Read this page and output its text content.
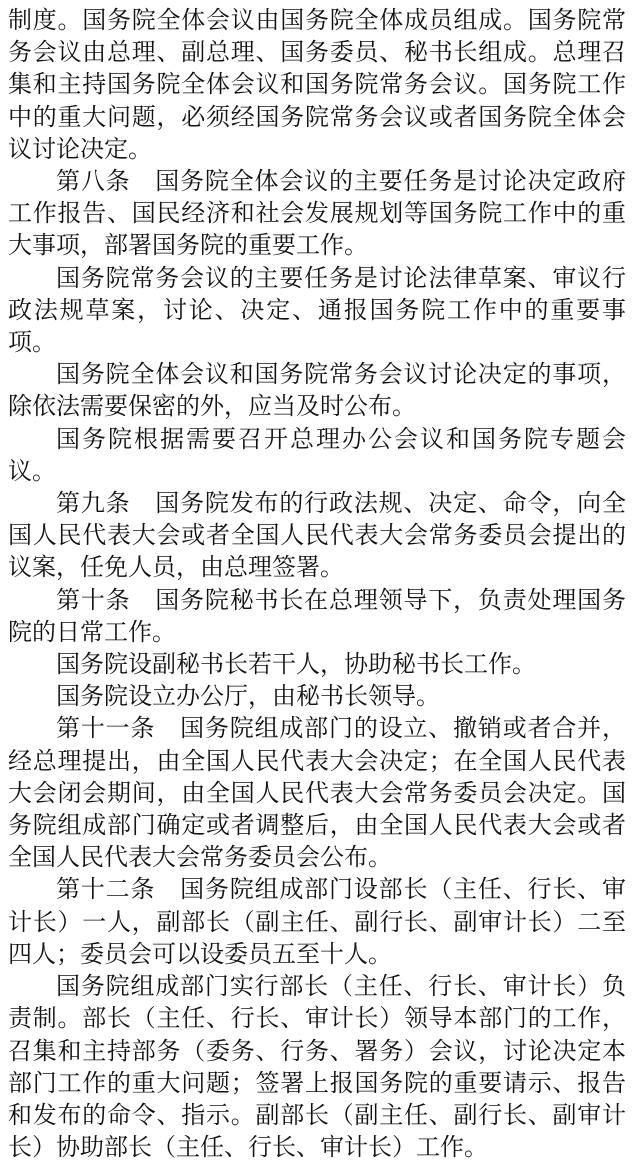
制度。国务院全体会议由国务院全体成员组成。国务院常务会议由总理、副总理、国务委员、秘书长组成。总理召集和主持国务院全体会议和国务院常务会议。国务院工作中的重大问题，必须经国务院常务会议或者国务院全体会议讨论决定。

第八条　国务院全体会议的主要任务是讨论决定政府工作报告、国民经济和社会发展规划等国务院工作中的重大事项，部署国务院的重要工作。

国务院常务会议的主要任务是讨论法律草案、审议行政法规草案，讨论、决定、通报国务院工作中的重要事项。

国务院全体会议和国务院常务会议讨论决定的事项，除依法需要保密的外，应当及时公布。

国务院根据需要召开总理办公会议和国务院专题会议。

第九条　国务院发布的行政法规、决定、命令，向全国人民代表大会或者全国人民代表大会常务委员会提出的议案，任免人员，由总理签署。

第十条　国务院秘书长在总理领导下，负责处理国务院的日常工作。

国务院设副秘书长若干人，协助秘书长工作。

国务院设立办公厅，由秘书长领导。

第十一条　国务院组成部门的设立、撤销或者合并，经总理提出，由全国人民代表大会决定；在全国人民代表大会闭会期间，由全国人民代表大会常务委员会决定。国务院组成部门确定或者调整后，由全国人民代表大会或者全国人民代表大会常务委员会公布。

第十二条　国务院组成部门设部长（主任、行长、审计长）一人，副部长（副主任、副行长、副审计长）二至四人；委员会可以设委员五至十人。

国务院组成部门实行部长（主任、行长、审计长）负责制。部长（主任、行长、审计长）领导本部门的工作，召集和主持部务（委务、行务、署务）会议，讨论决定本部门工作的重大问题；签署上报国务院的重要请示、报告和发布的命令、指示。副部长（副主任、副行长、副审计长）协助部长（主任、行长、审计长）工作。
